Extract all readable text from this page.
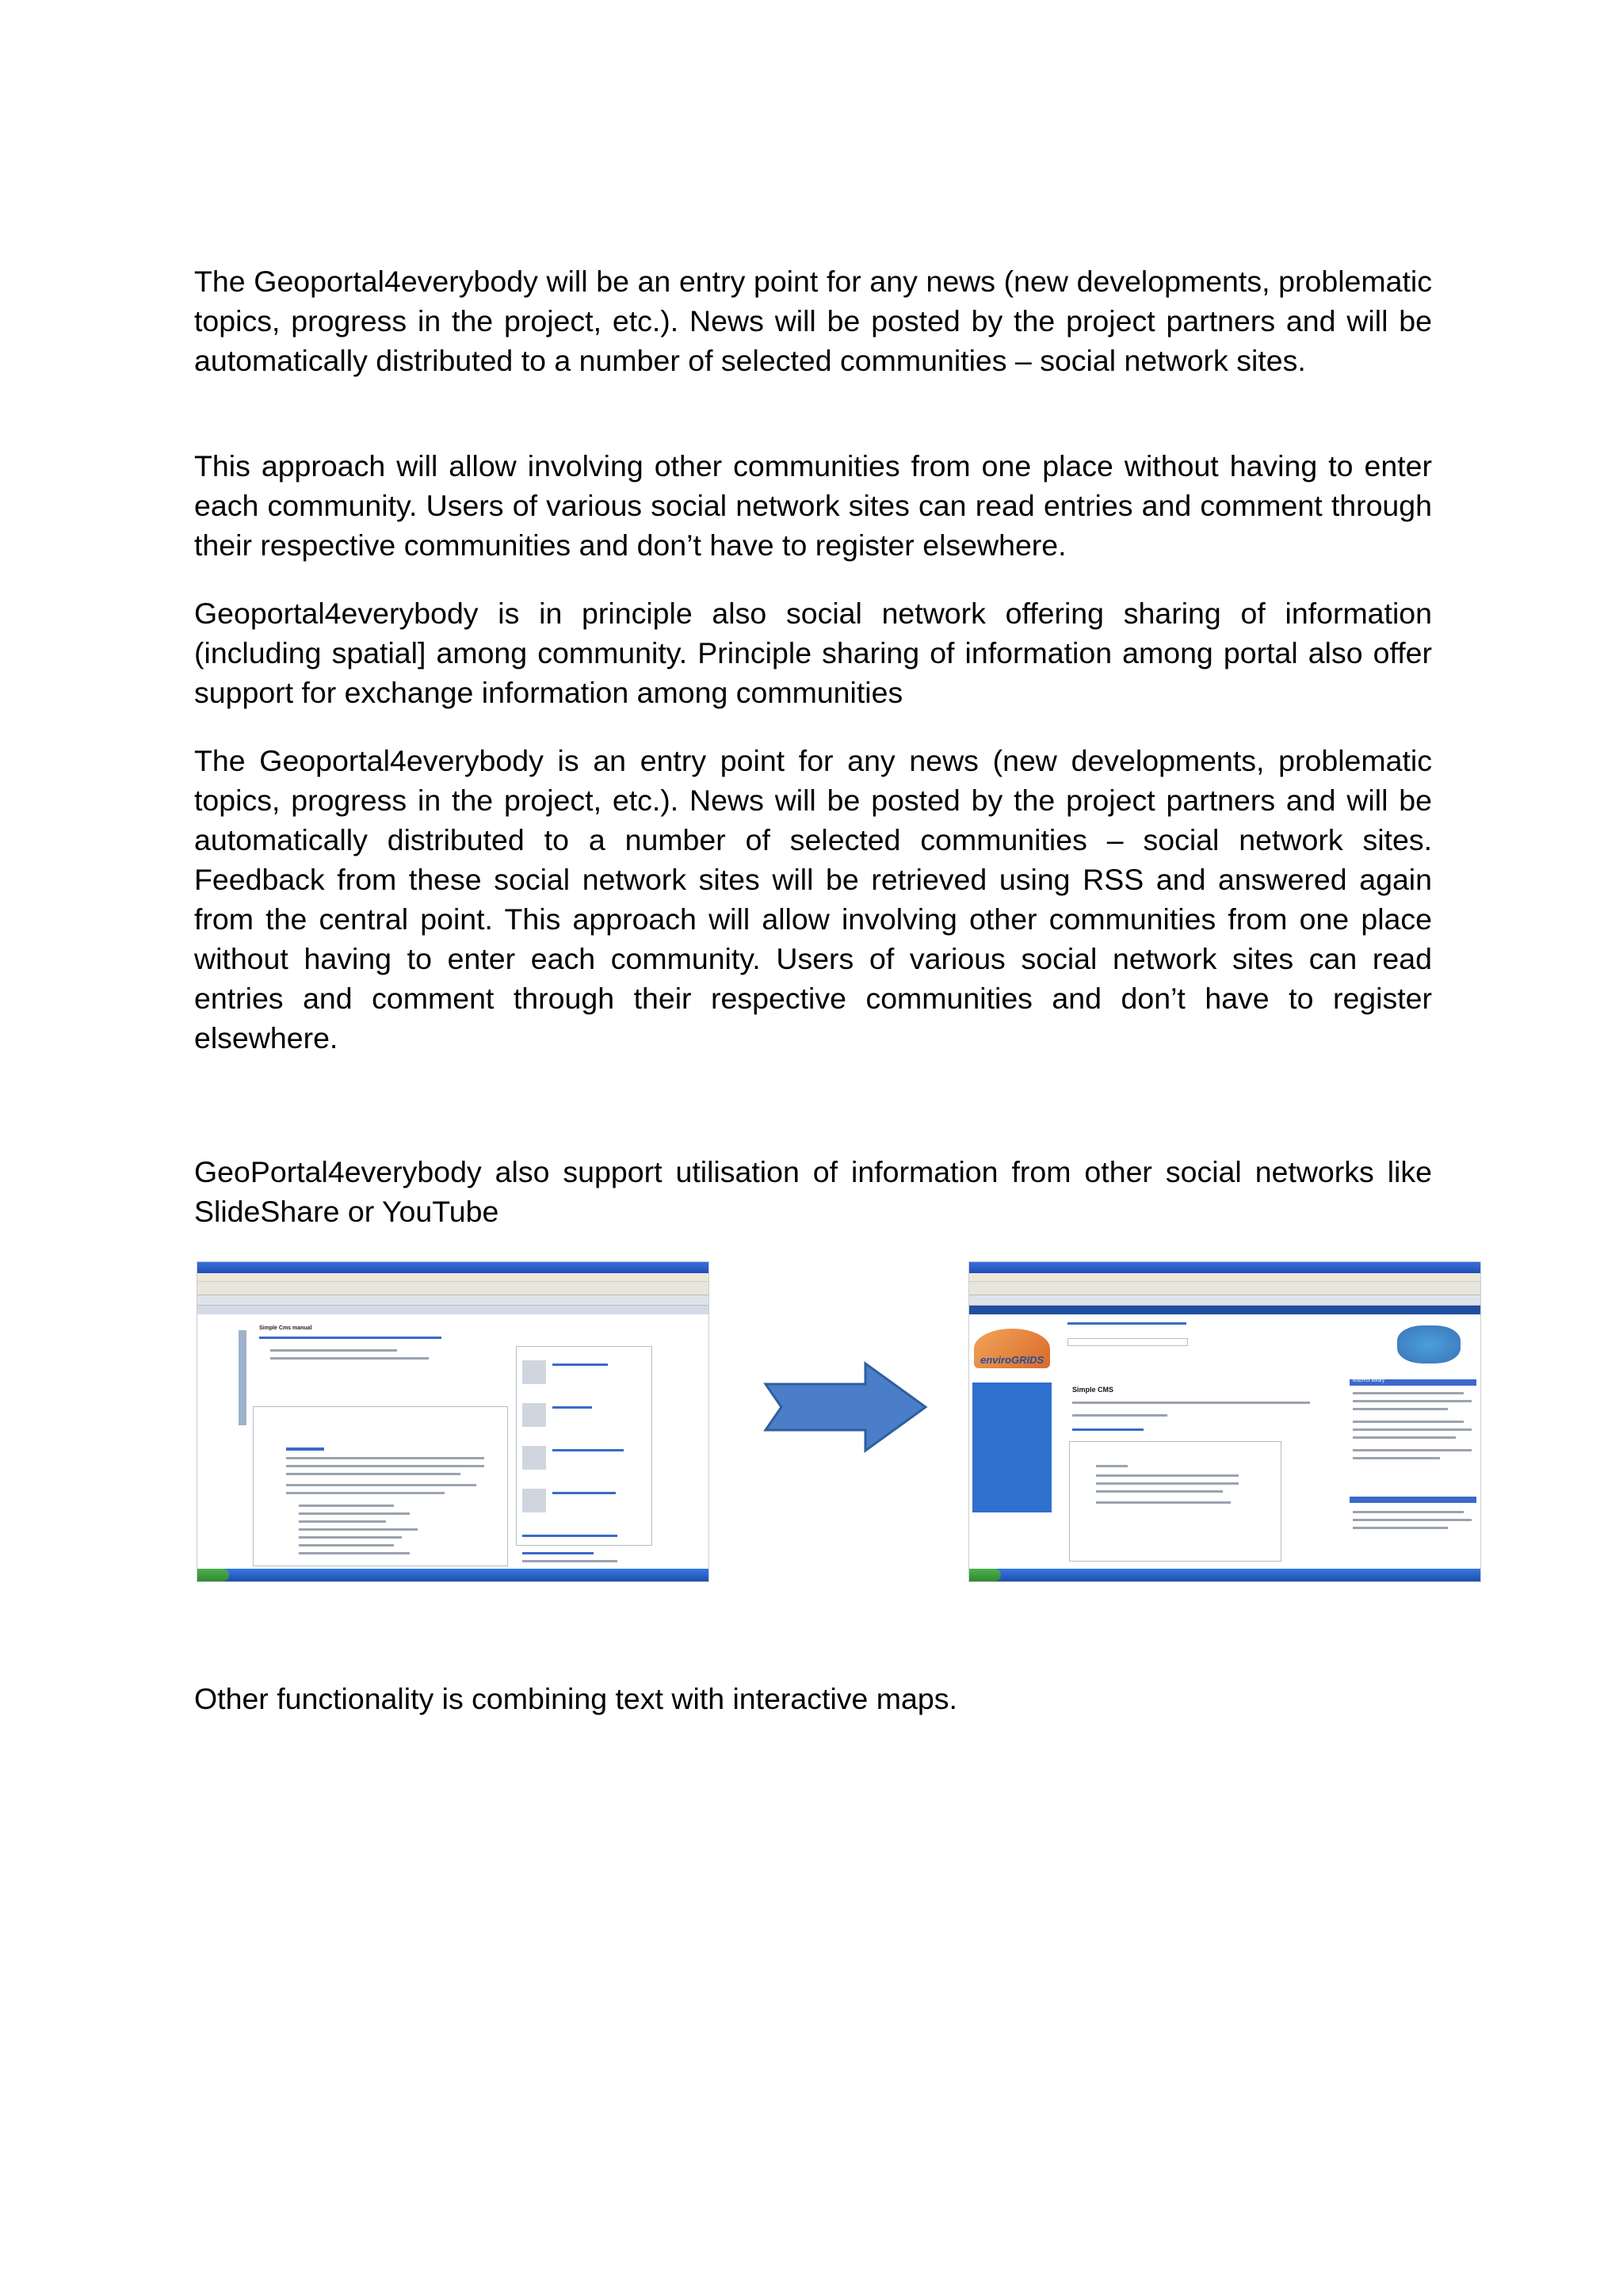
The Geoportal4everybody will be an entry point for any news (new developments, problematic topics, progress in the project, etc.). News will be posted by the project partners and will be automatically distributed to a number of selected communities – social network sites.

This approach will allow involving other communities from one place without having to enter each community. Users of various social network sites can read entries and comment through their respective communities and don’t have to register elsewhere.

Geoportal4everybody is in principle also social network offering sharing of information (including spatial] among community. Principle sharing of information among portal also offer support for exchange information among communities

The Geoportal4everybody is an entry point for any news (new developments, problematic topics, progress in the project, etc.). News will be posted by the project partners and will be automatically distributed to a number of selected communities – social network sites. Feedback from these social network sites will be retrieved using RSS and answered again from the central point. This approach will allow involving other communities from one place without having to enter each community. Users of various social network sites can read entries and comment through their respective communities and don’t have to register elsewhere.

GeoPortal4everybody also support utilisation of information from other social networks like SlideShare or YouTube

Simple Cms manual
enviroGRIDS
Simple CMS
BSERIS library

Other functionality is combining text with interactive maps.
